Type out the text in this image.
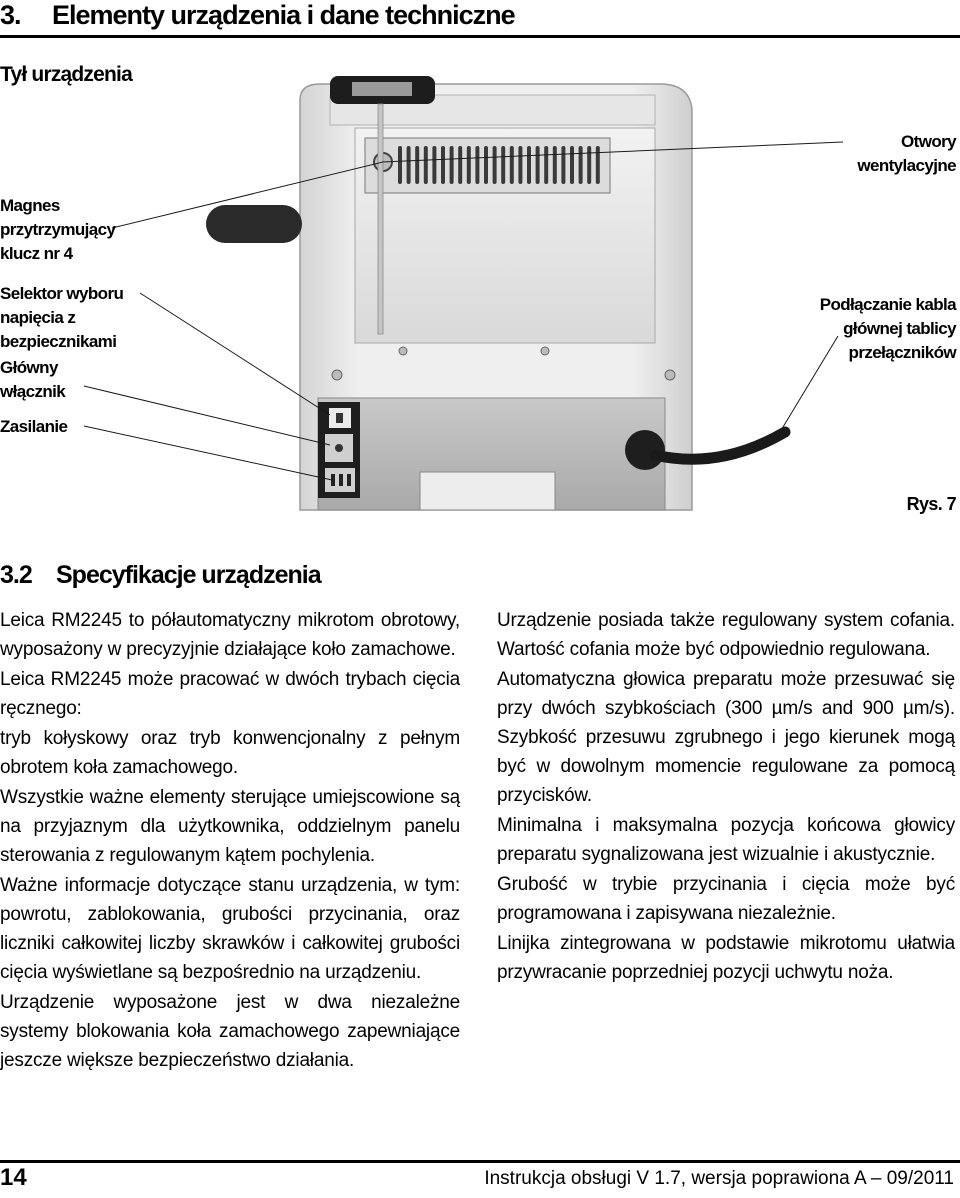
3. Elementy urządzenia i dane techniczne
Tył urządzenia
Magnes przytrzymujący klucz nr 4
Selektor wyboru napięcia z bezpiecznikami
Główny włącznik
Zasilanie
Otwory wentylacyjne
Podłączanie kabla głównej tablicy przełączników
Rys. 7
3.2 Specyfikacje urządzenia

Leica RM2245 to półautomatyczny mikrotom obrotowy, wyposażony w precyzyjnie działające koło zamachowe.

Leica RM2245 może pracować w dwóch trybach cięcia ręcznego:

tryb kołyskowy oraz tryb konwencjonalny z pełnym obrotem koła zamachowego.

Wszystkie ważne elementy sterujące umiejscowione są na przyjaznym dla użytkownika, oddzielnym panelu sterowania z regulowanym kątem pochylenia.

Ważne informacje dotyczące stanu urządzenia, w tym: powrotu, zablokowania, grubości przycinania, oraz liczniki całkowitej liczby skrawków i całkowitej grubości cięcia wyświetlane są bezpośrednio na urządzeniu.

Urządzenie wyposażone jest w dwa niezależne systemy blokowania koła zamachowego zapewniające jeszcze większe bezpieczeństwo działania.

Urządzenie posiada także regulowany system cofania. Wartość cofania może być odpowiednio regulowana.

Automatyczna głowica preparatu może przesuwać się przy dwóch szybkościach (300 µm/s and 900 µm/s). Szybkość przesuwu zgrubnego i jego kierunek mogą być w dowolnym momencie regulowane za pomocą przycisków.

Minimalna i maksymalna pozycja końcowa głowicy preparatu sygnalizowana jest wizualnie i akustycznie.

Grubość w trybie przycinania i cięcia może być programowana i zapisywana niezależnie.

Linijka zintegrowana w podstawie mikrotomu ułatwia przywracanie poprzedniej pozycji uchwytu noża.

14	Instrukcja obsługi V 1.7, wersja poprawiona A – 09/2011
